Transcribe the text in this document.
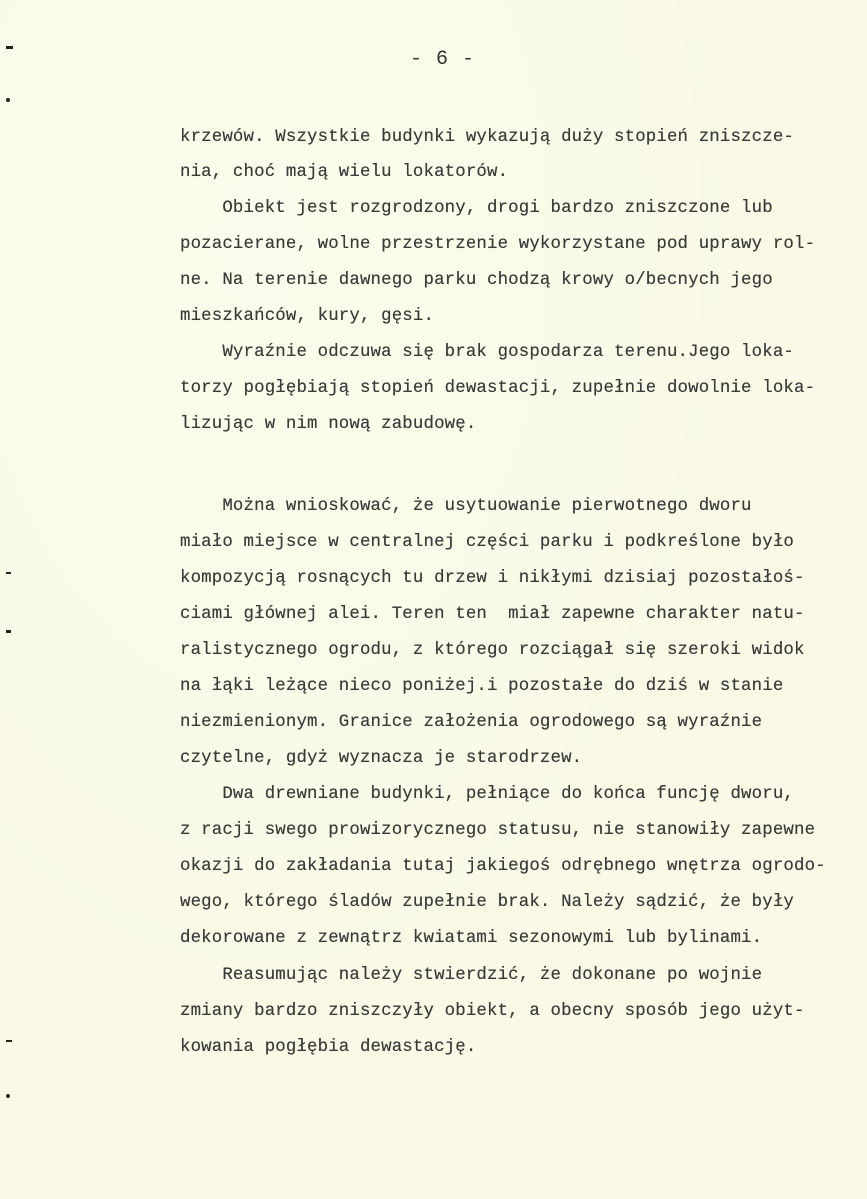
- 6 -
krzewów. Wszystkie budynki wykazują duży stopień zniszcze-
nia, choć mają wielu lokatorów.
Obiekt jest rozgrodzony, drogi bardzo zniszczone lub
pozacierane, wolne przestrzenie wykorzystane pod uprawy rol-
ne. Na terenie dawnego parku chodzą krowy o/becnych jego
mieszkańców, kury, gęsi.
Wyraźnie odczuwa się brak gospodarza terenu.Jego loka-
torzy pogłębiają stopień dewastacji, zupełnie dowolnie loka-
lizując w nim nową zabudowę.
Można wnioskować, że usytuowanie pierwotnego dworu
miało miejsce w centralnej części parku i podkreślone było
kompozycją rosnących tu drzew i nikłymi dzisiaj pozostałoś-
ciami głównej alei. Teren ten  miał zapewne charakter natu-
ralistycznego ogrodu, z którego rozciągał się szeroki widok
na łąki leżące nieco poniżej.i pozostałe do dziś w stanie
niezmienionym. Granice założenia ogrodowego są wyraźnie
czytelne, gdyż wyznacza je starodrzew.
Dwa drewniane budynki, pełniące do końca funcję dworu,
z racji swego prowizorycznego statusu, nie stanowiły zapewne
okazji do zakładania tutaj jakiegoś odrębnego wnętrza ogrodo-
wego, którego śladów zupełnie brak. Należy sądzić, że były
dekorowane z zewnątrz kwiatami sezonowymi lub bylinami.
Reasumując należy stwierdzić, że dokonane po wojnie
zmiany bardzo zniszczyły obiekt, a obecny sposób jego użyt-
kowania pogłębia dewastację.
